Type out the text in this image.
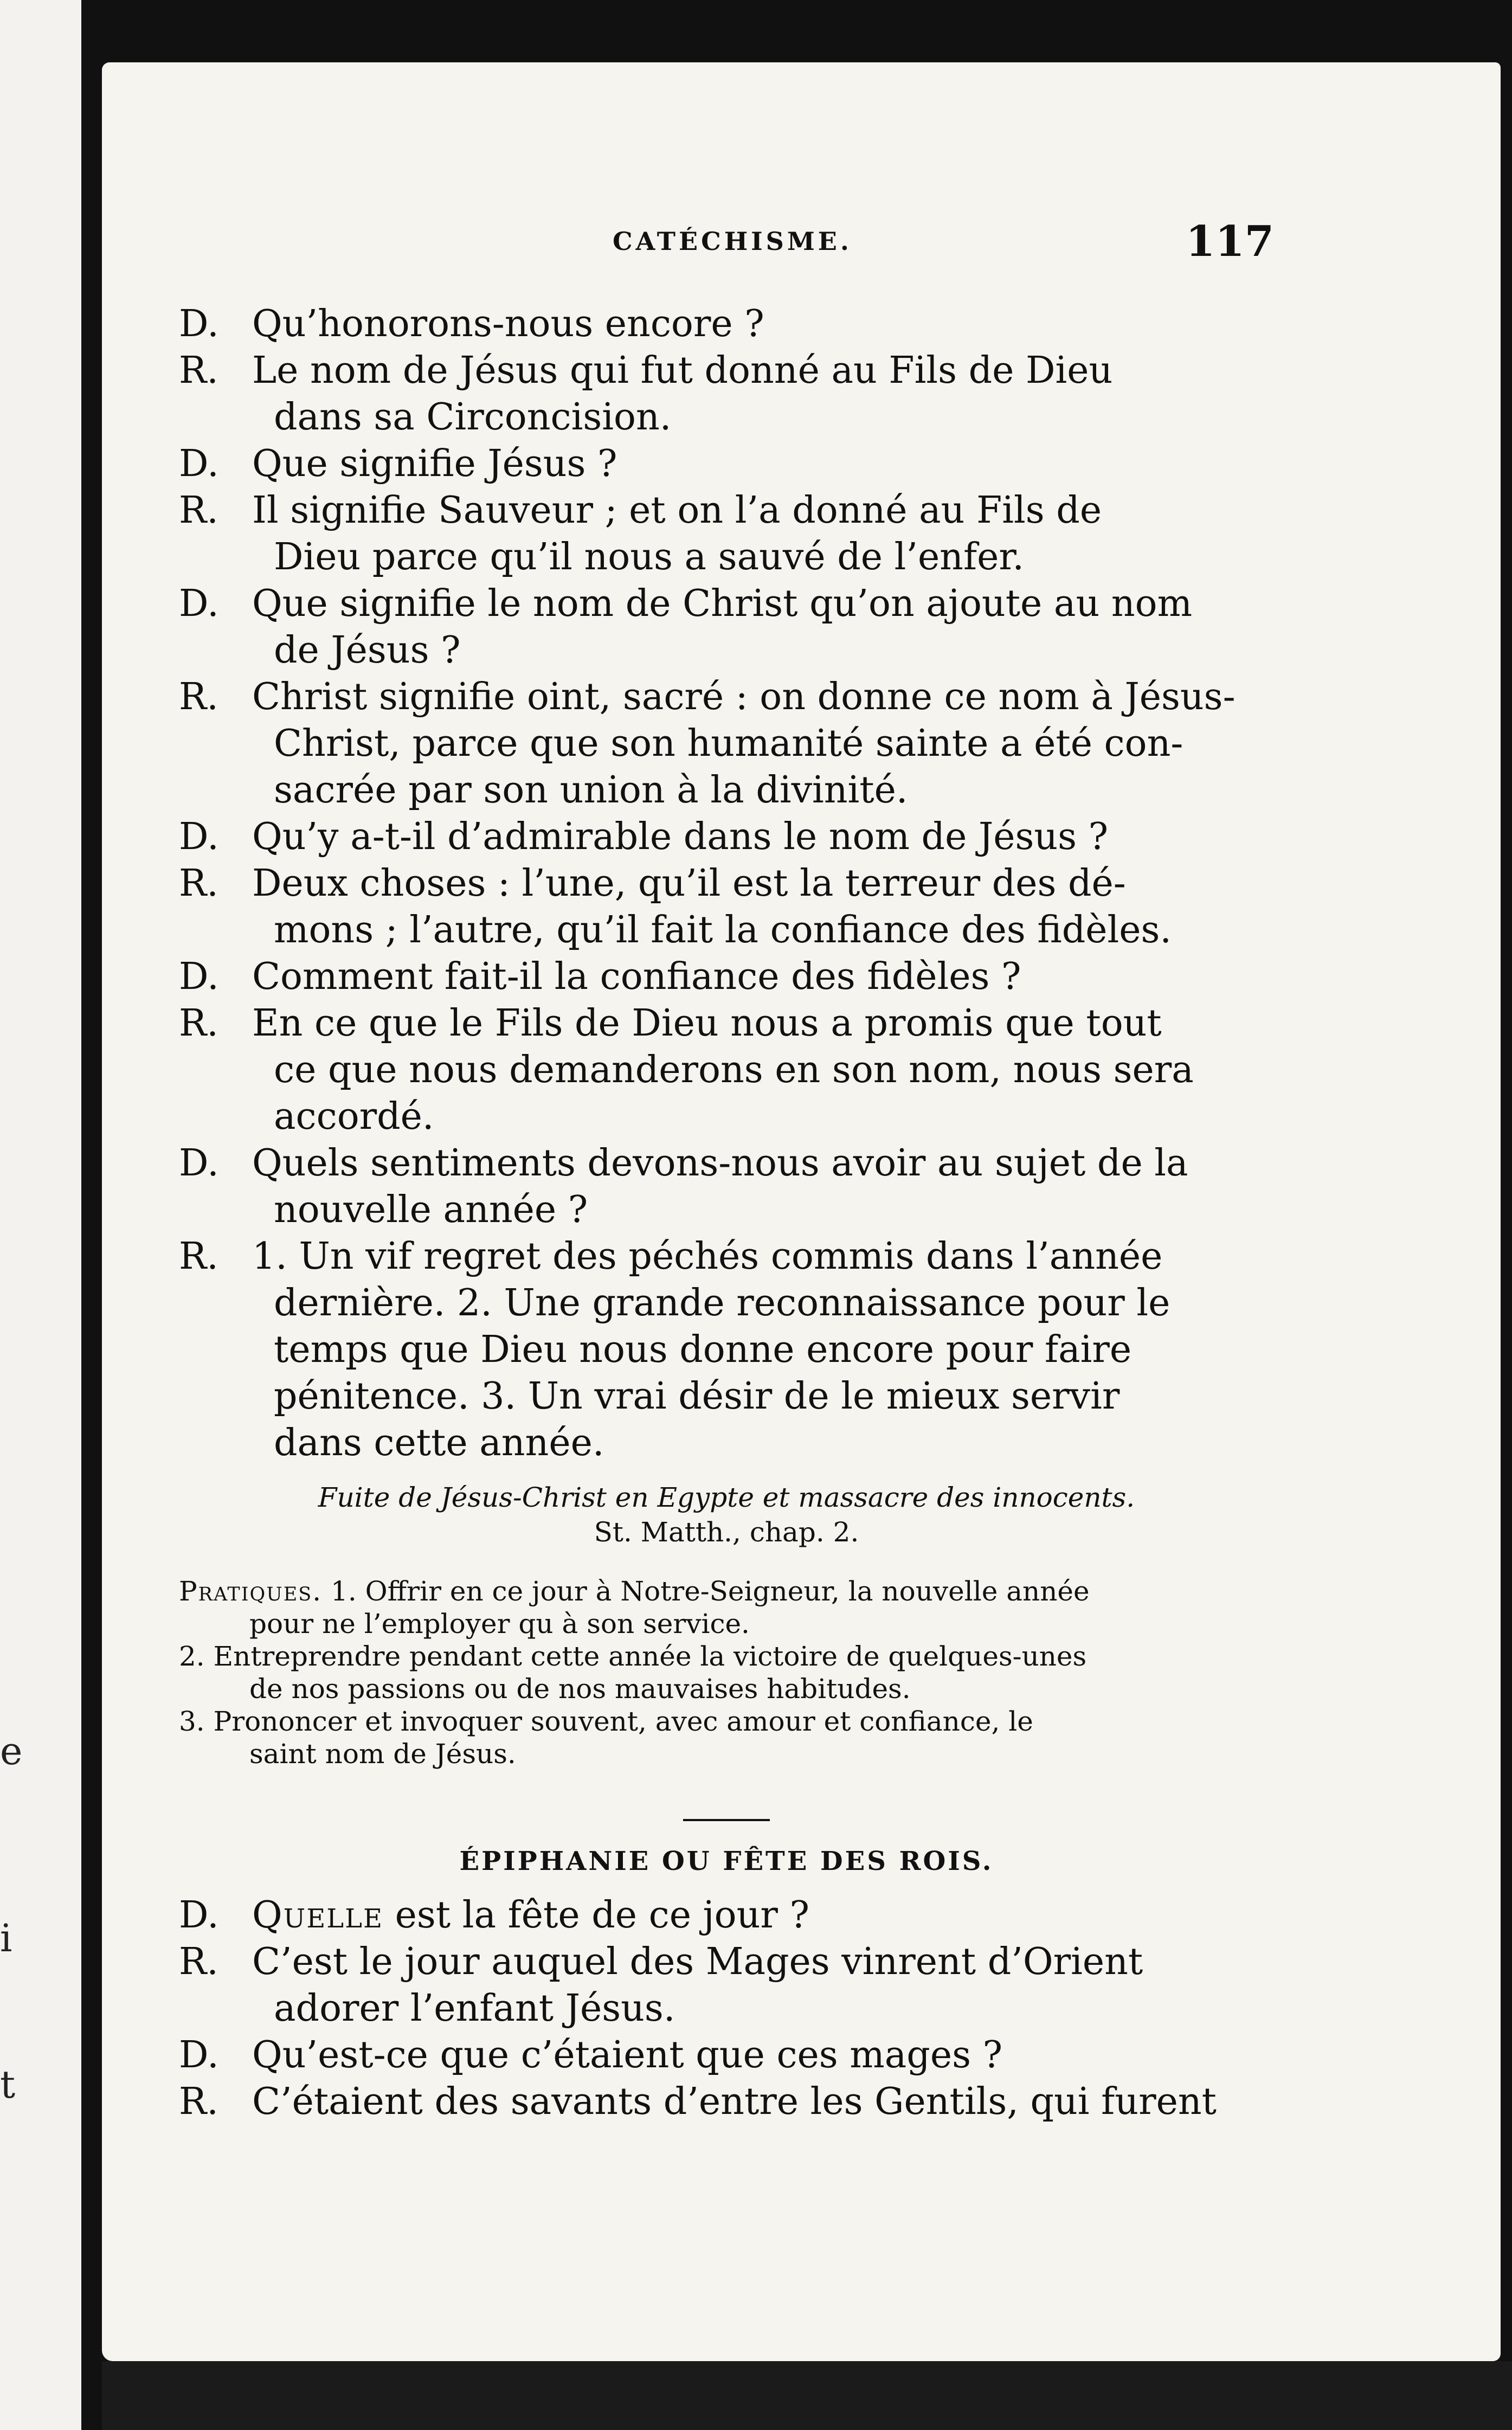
e
i
t
CATÉCHISME.	117
D. Qu’honorons-nous encore ?
R. Le nom de Jésus qui fut donné au Fils de Dieu
dans sa Circoncision.
D. Que signifie Jésus ?
R. Il signifie Sauveur ; et on l’a donné au Fils de
Dieu parce qu’il nous a sauvé de l’enfer.
D. Que signifie le nom de Christ qu’on ajoute au nom
de Jésus ?
R. Christ signifie oint, sacré : on donne ce nom à Jésus-
Christ, parce que son humanité sainte a été con-
sacrée par son union à la divinité.
D. Qu’y a-t-il d’admirable dans le nom de Jésus ?
R. Deux choses : l’une, qu’il est la terreur des dé-
mons ; l’autre, qu’il fait la confiance des fidèles.
D. Comment fait-il la confiance des fidèles ?
R. En ce que le Fils de Dieu nous a promis que tout
ce que nous demanderons en son nom, nous sera
accordé.
D. Quels sentiments devons-nous avoir au sujet de la
nouvelle année ?
R. 1. Un vif regret des péchés commis dans l’année
dernière. 2. Une grande reconnaissance pour le
temps que Dieu nous donne encore pour faire
pénitence. 3. Un vrai désir de le mieux servir
dans cette année.
Fuite de Jésus-Christ en Egypte et massacre des innocents.
St. Matth., chap. 2.
Pratiques. 1. Offrir en ce jour à Notre-Seigneur, la nouvelle année
pour ne l’employer qu à son service.
2. Entreprendre pendant cette année la victoire de quelques-unes
de nos passions ou de nos mauvaises habitudes.
3. Prononcer et invoquer souvent, avec amour et confiance, le
saint nom de Jésus.
ÉPIPHANIE OU FÊTE DES ROIS.
D. Quelle est la fête de ce jour ?
R. C’est le jour auquel des Mages vinrent d’Orient
adorer l’enfant Jésus.
D. Qu’est-ce que c’étaient que ces mages ?
R. C’étaient des savants d’entre les Gentils, qui furent
